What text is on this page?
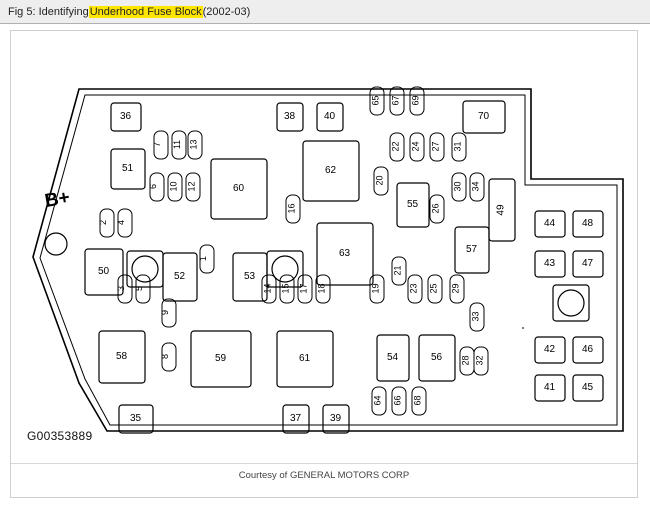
Fig 5: Identifying Underhood Fuse Block (2002-03)
36	38	40	70
51
60
62
63
49
55
57
50	52	53
58	59	61	54	56
35	37	39
44	48
43	47
42	46
41	45
65 67 69
22 24 27 31
7 11 13
6 10 12
20
30 34
26
16
2 4
1
21
3 5	14 15 17 18	19	23 25 29
9	33
8	28 32
64 66 68
B+
G00353889
Courtesy of GENERAL MOTORS CORP
